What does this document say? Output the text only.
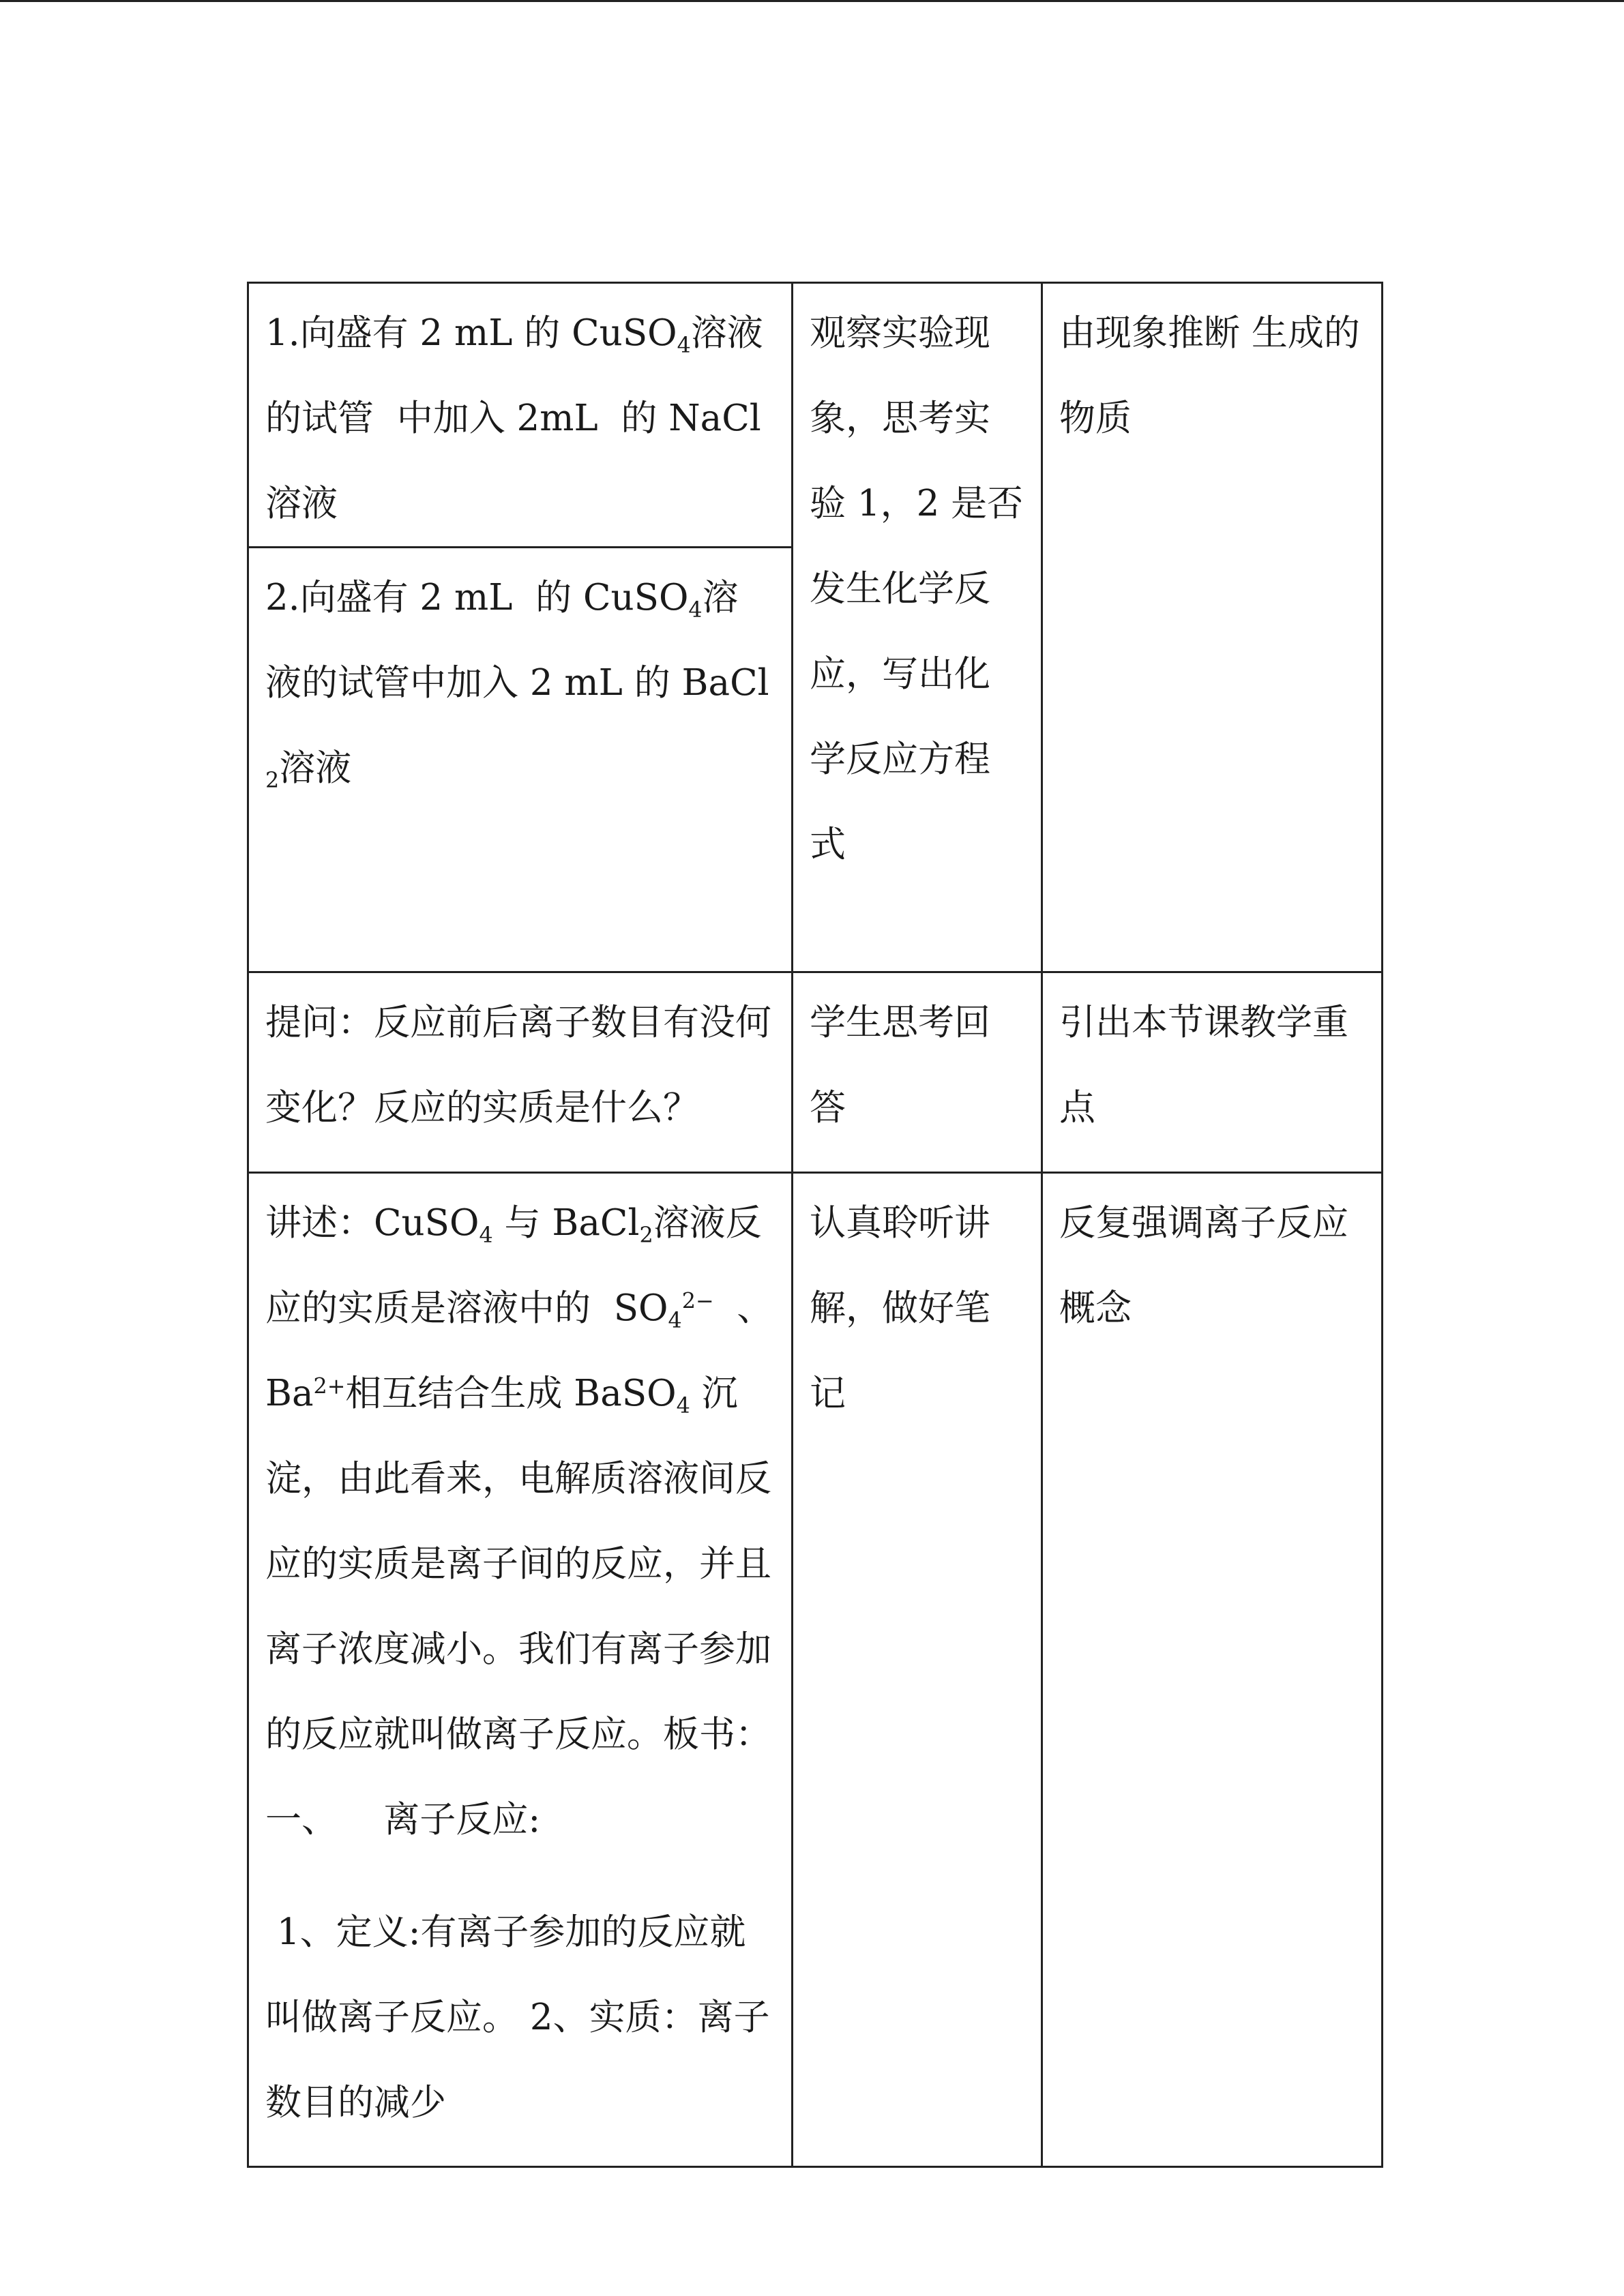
1.向盛有 2 mL 的 CuSO$_4$溶液的试管  中加入 2mL  的 NaCl 溶液	观察实验现象，思考实验 1，2 是否发生化学反应，写出化学反应方程式	由现象推断 生成的物质

2.向盛有 2 mL  的 CuSO$_4$溶液的试管中加入 2 mL 的 BaCl$_2$溶液		

提问：反应前后离子数目有没何变化？反应的实质是什么？	学生思考回答	引出本节课教学重点

讲述：CuSO$_4$ 与 BaCl$_2$溶液反应的实质是溶液中的  $SO_4^{2-}$  、 $Ba^{2+}$相互结合生成 BaSO$_4$ 沉淀，由此看来，电解质溶液间反应的实质是离子间的反应，并且离子浓度减小。我们有离子参加的反应就叫做离子反应。板书：  一、    离子反应:
1、定义:有离子参加的反应就叫做离子反应。 2、实质：离子数目的减少	认真聆听讲解，做好笔记	反复强调离子反应概念
